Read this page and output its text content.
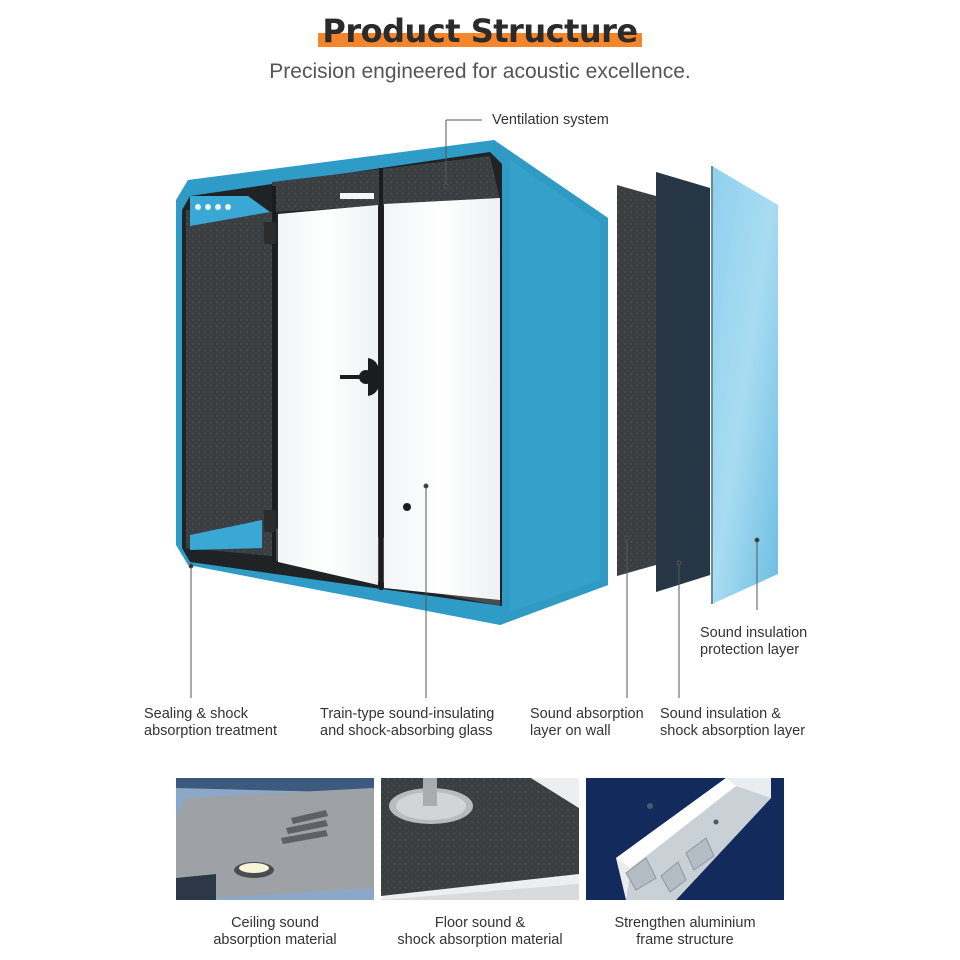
Product Structure
Precision engineered for acoustic excellence.
Ventilation system
Sealing & shock
absorption treatment
Train-type sound-insulating
and shock-absorbing glass
Sound absorption
layer on wall
Sound insulation &
shock absorption layer
Sound insulation
protection layer
Ceiling sound
absorption material
Floor sound &
shock absorption material
Strengthen aluminium
frame structure
